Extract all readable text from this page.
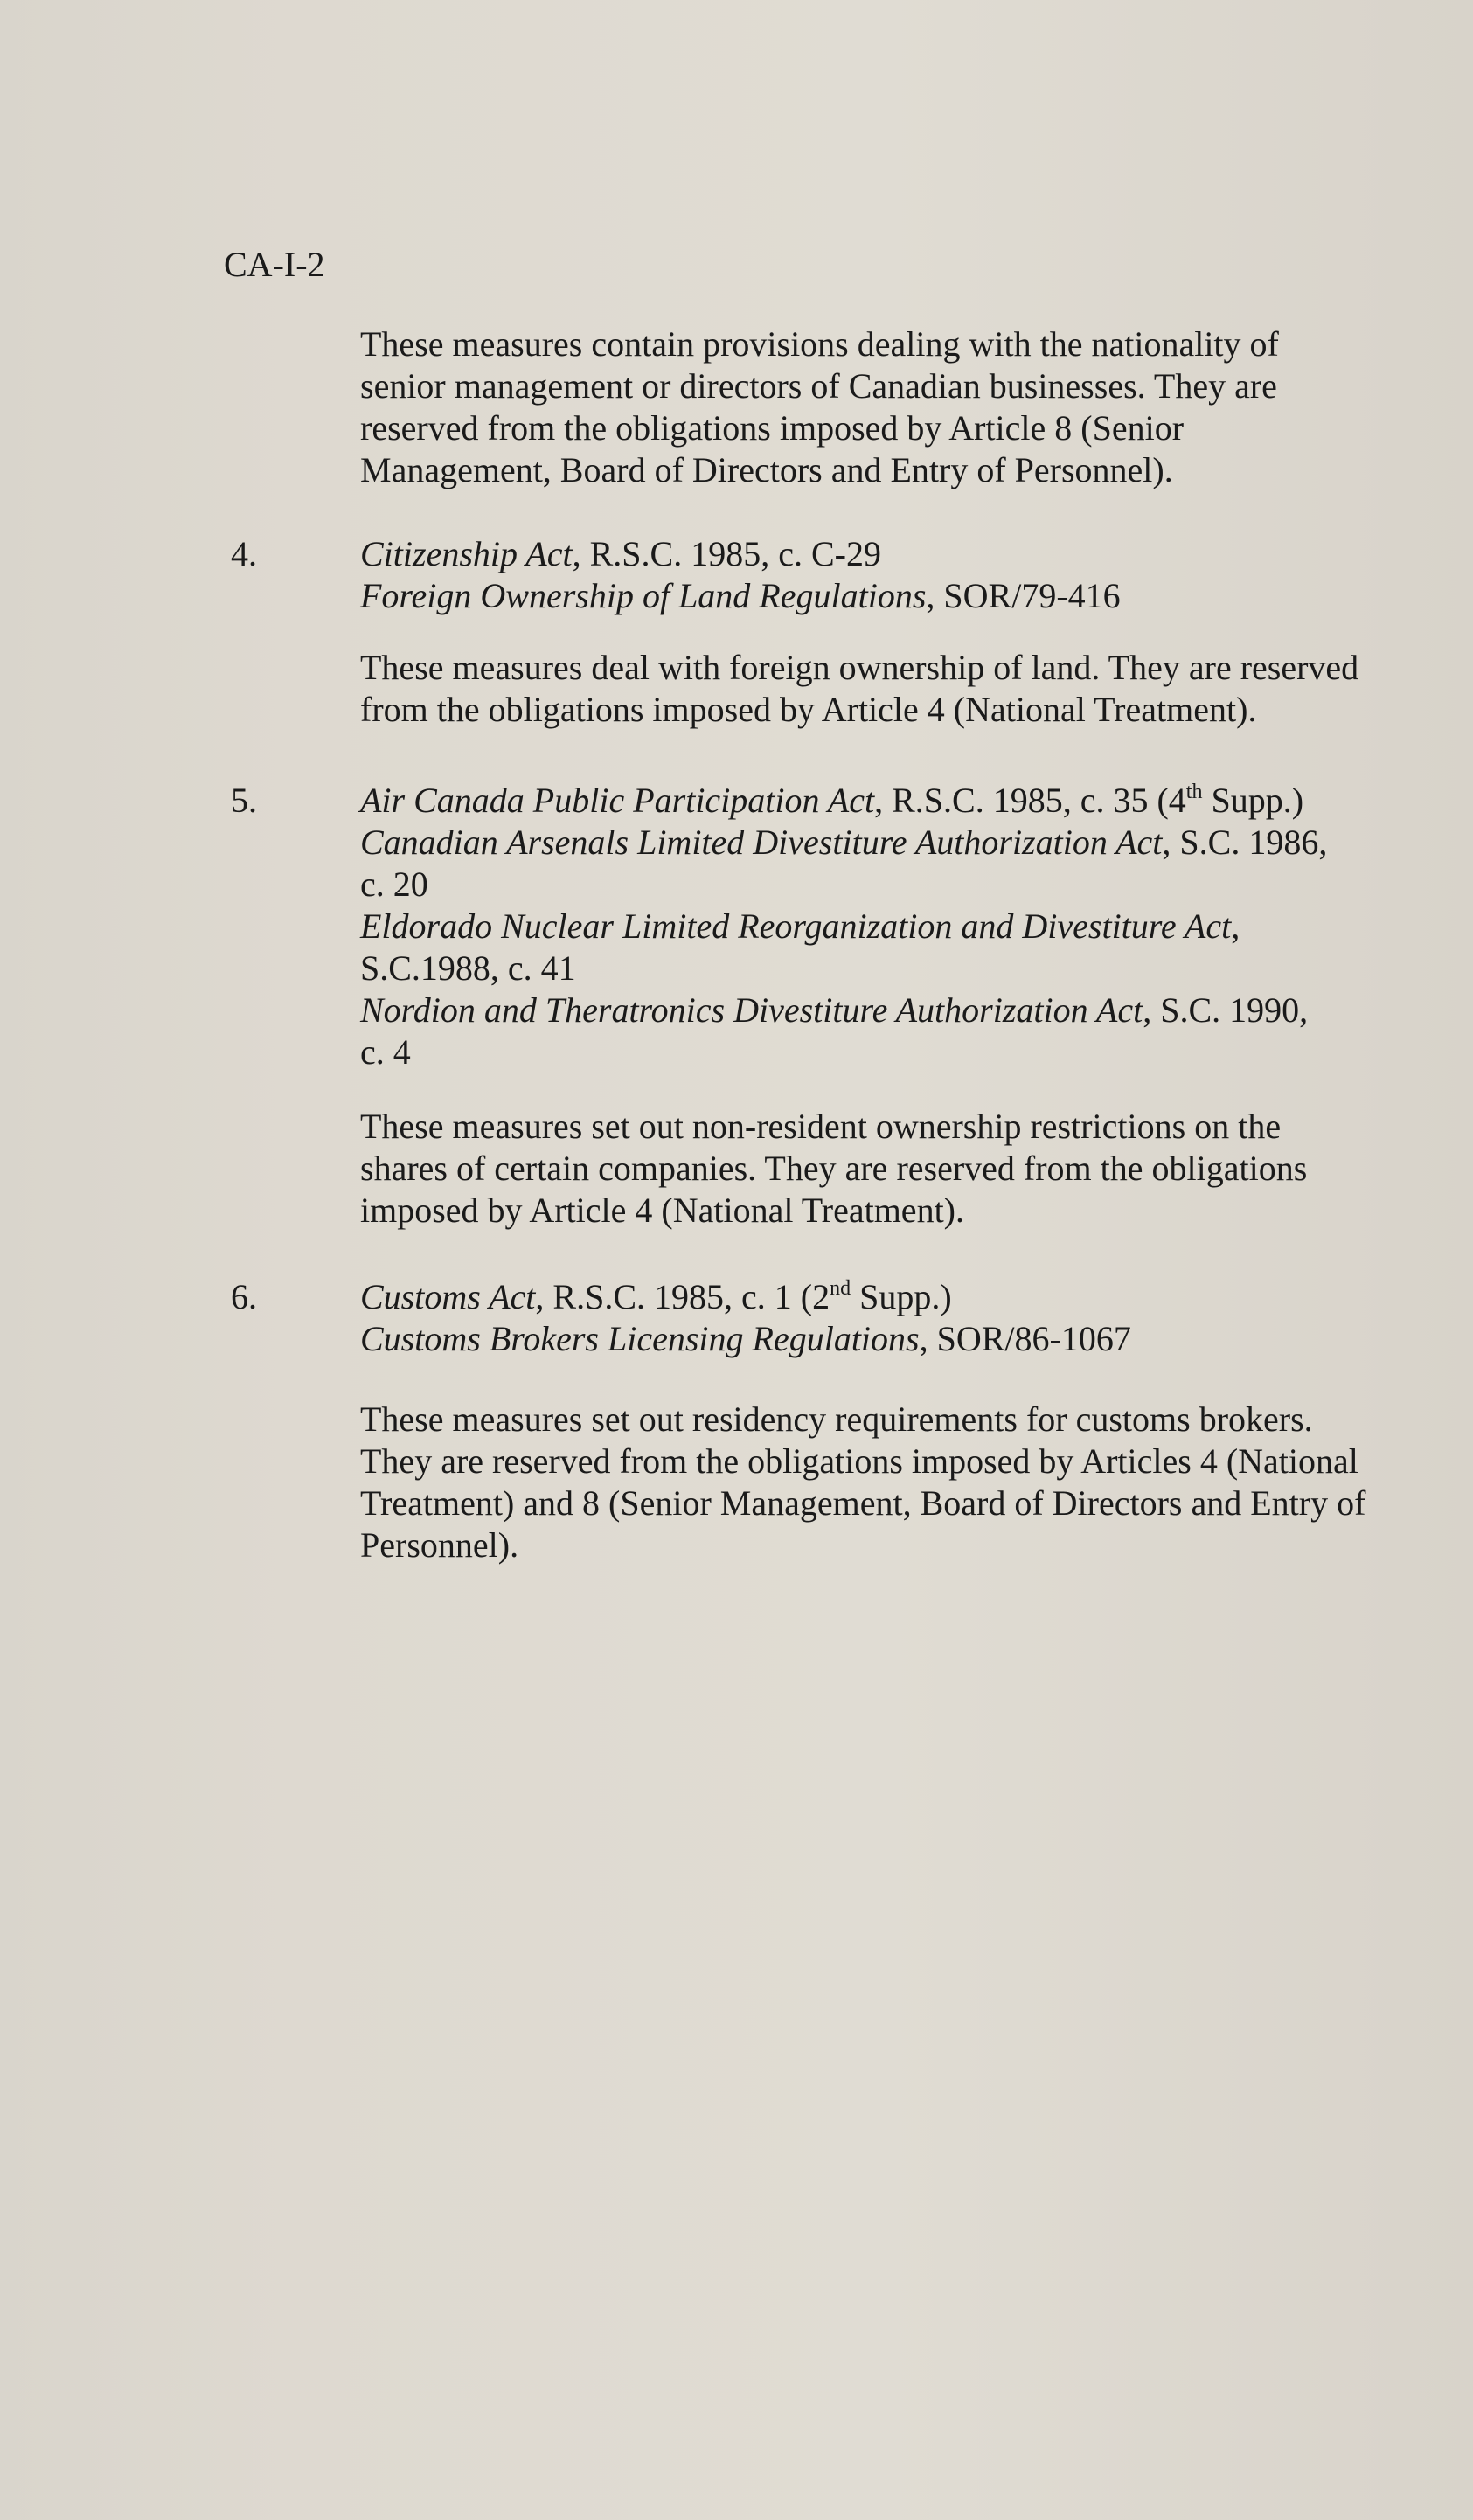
CA-I-2

These measures contain provisions dealing with the nationality of
senior management or directors of Canadian businesses. They are
reserved from the obligations imposed by Article 8 (Senior
Management, Board of Directors and Entry of Personnel).

4.	Citizenship Act, R.S.C. 1985, c. C-29
Foreign Ownership of Land Regulations, SOR/79-416

These measures deal with foreign ownership of land. They are reserved
from the obligations imposed by Article 4 (National Treatment).

5.	Air Canada Public Participation Act, R.S.C. 1985, c. 35 (4th Supp.)
Canadian Arsenals Limited Divestiture Authorization Act, S.C. 1986,
c. 20
Eldorado Nuclear Limited Reorganization and Divestiture Act,
S.C.1988, c. 41
Nordion and Theratronics Divestiture Authorization Act, S.C. 1990,
c. 4

These measures set out non-resident ownership restrictions on the
shares of certain companies. They are reserved from the obligations
imposed by Article 4 (National Treatment).

6.	Customs Act, R.S.C. 1985, c. 1 (2nd Supp.)
Customs Brokers Licensing Regulations, SOR/86-1067

These measures set out residency requirements for customs brokers.
They are reserved from the obligations imposed by Articles 4 (National
Treatment) and 8 (Senior Management, Board of Directors and Entry of
Personnel).
